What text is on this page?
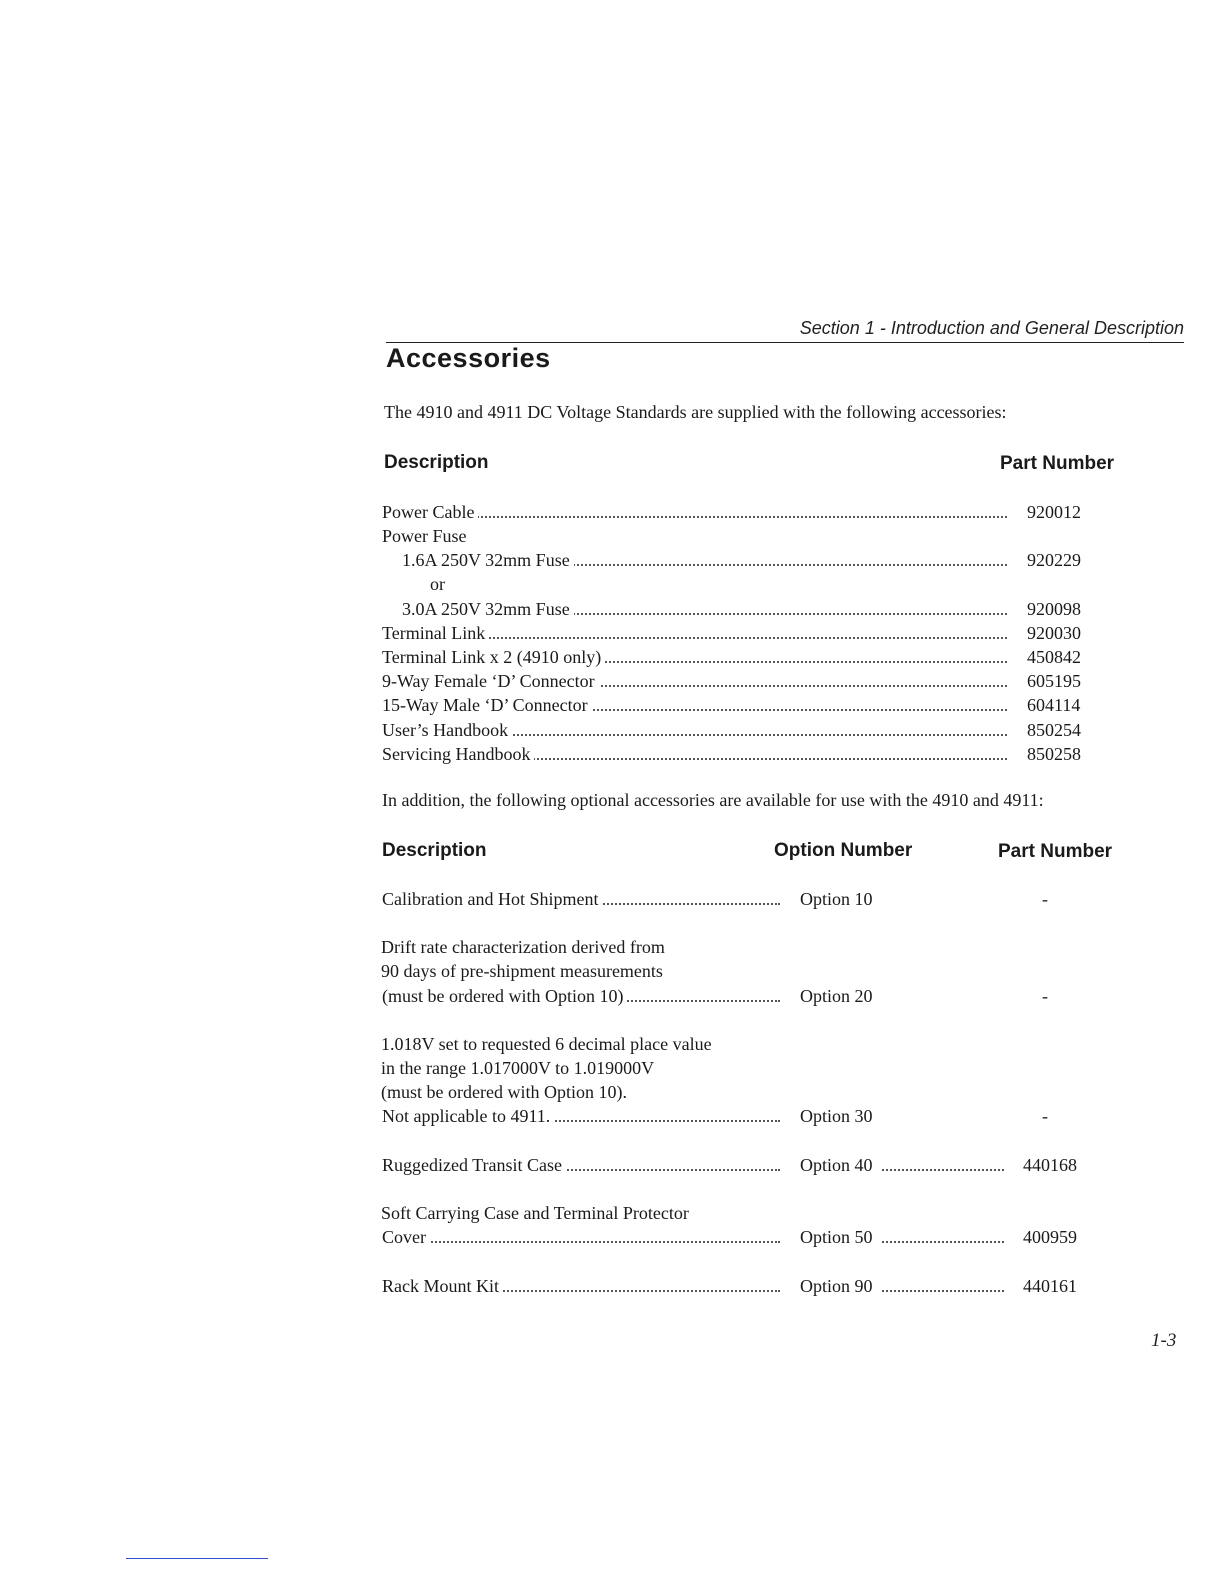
Section 1 - Introduction and General Description
Accessories
The 4910 and 4911 DC Voltage Standards are supplied with the following accessories:
Description	Part Number
Power Cable	920012
Power Fuse
1.6A 250V 32mm Fuse	920229
or
3.0A 250V 32mm Fuse	920098
Terminal Link	920030
Terminal Link x 2 (4910 only)	450842
9-Way Female ‘D’ Connector	605195
15-Way Male ‘D’ Connector	604114
User’s Handbook	850254
Servicing Handbook	850258
In addition, the following optional accessories are available for use with the 4910 and 4911:
Description	Option Number	Part Number
Calibration and Hot Shipment	Option 10	-
Drift rate characterization derived from
90 days of pre-shipment measurements
(must be ordered with Option 10)	Option 20	-
1.018V set to requested 6 decimal place value
in the range 1.017000V to 1.019000V
(must be ordered with Option 10).
Not applicable to 4911.	Option 30	-
Ruggedized Transit Case	Option 40	440168
Soft Carrying Case and Terminal Protector
Cover	Option 50	400959
Rack Mount Kit	Option 90	440161
1-3
